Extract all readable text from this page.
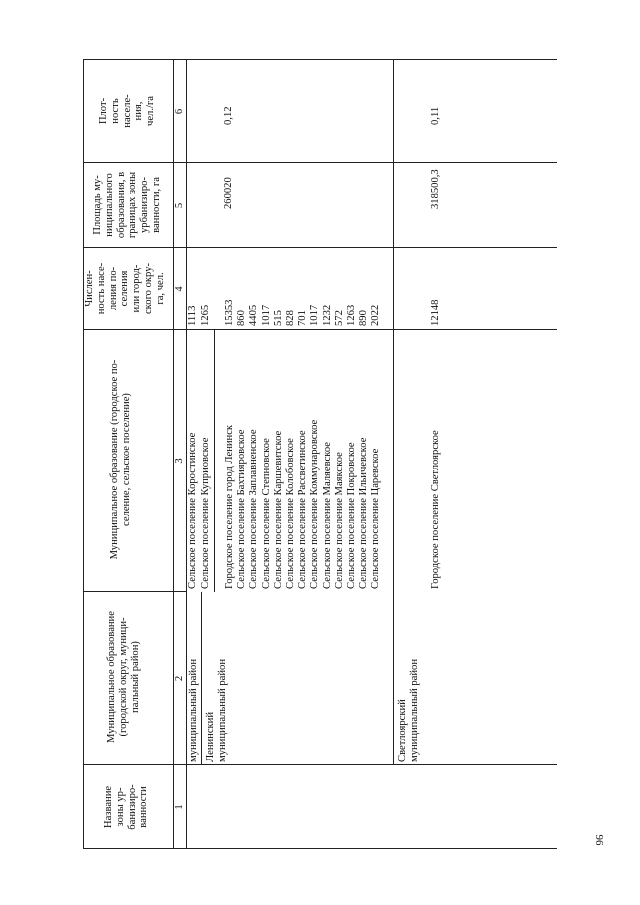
Название зоны ур- банизиро- ванности
Муниципальное образование (городской округ, муници- пальный район)
Муниципальное образование (городское по- селение, сельское поселение)
Числен- ность насе- ления по- селения или город- ского окру- га, чел.
Площадь му- ниципального образования, в границах зоны урбанизиро- ванности, га
Плот- ность населе- ния, чел./га
1
2
3
4
5
6
муниципальный район
Сельское поселение Коростинское Сельское поселение Куприовское
1113 1265
Ленинский муниципальный район
Городское поселение город Ленинск Сельское поселение Бахтияровское Сельское поселение Заплавненское Сельское поселение Степновское Сельское поселение Каршевитское Сельское поселение Колобовское Сельское поселение Рассветинское Сельское поселение Коммунаровское Сельское поселение Маляевское Сельское поселение Маякское Сельское поселение Покровское Сельское поселение Ильичевское Сельское поселение Царевское
15353 860 4405 1017 515 828 701 1017 1232 572 1263 890 2022
260020
0,12
Светлоярский муниципальный район
Городское поселение Светлоярское
12148
318500,3
0,11
96
